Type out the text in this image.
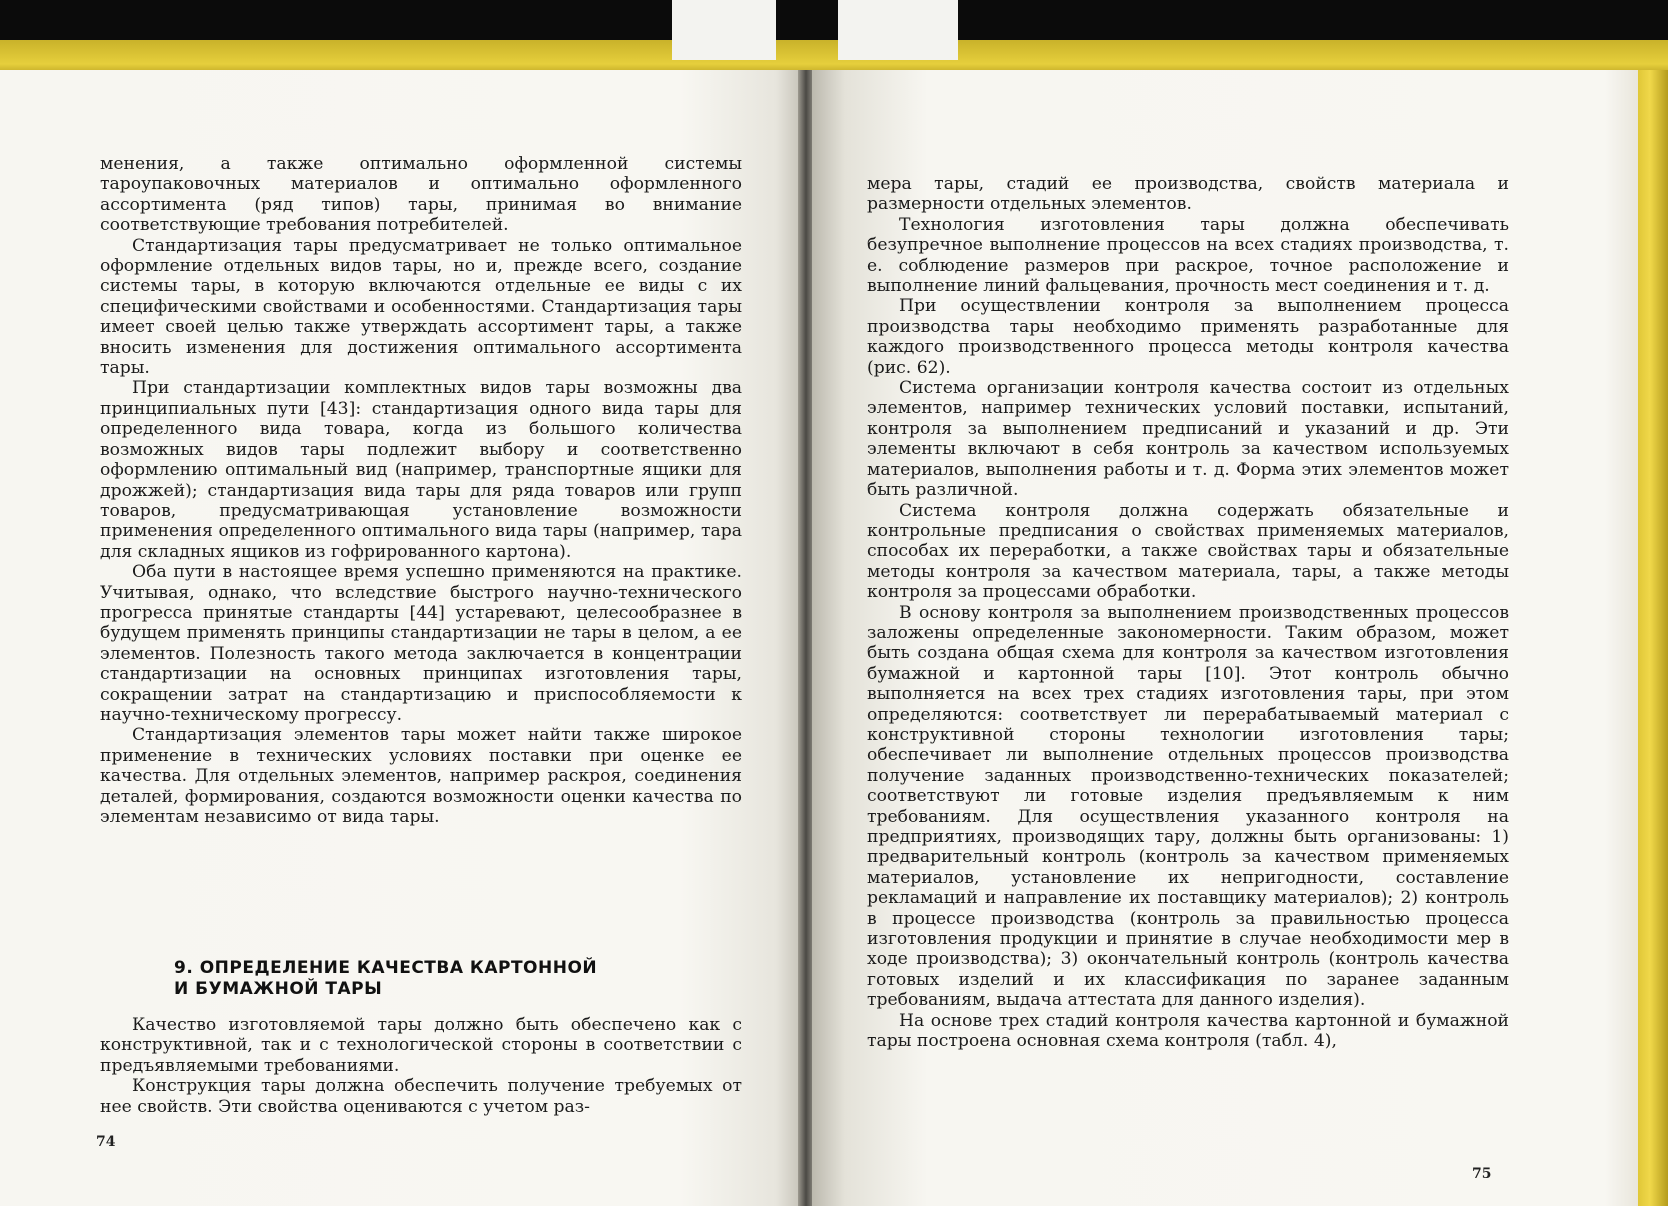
менения, а также оптимально оформленной системы тароупаковочных материалов и оптимально оформленного ассортимента (ряд типов) тары, принимая во внимание соответствующие требования потребителей.

Стандартизация тары предусматривает не только оптимальное оформление отдельных видов тары, но и, прежде всего, создание системы тары, в которую включаются отдельные ее виды с их специфическими свойствами и особенностями. Стандартизация тары имеет своей целью также утверждать ассортимент тары, а также вносить изменения для достижения оптимального ассортимента тары.

При стандартизации комплектных видов тары возможны два принципиальных пути [43]: стандартизация одного вида тары для определенного вида товара, когда из большого количества возможных видов тары подлежит выбору и соответственно оформлению оптимальный вид (например, транспортные ящики для дрожжей); стандартизация вида тары для ряда товаров или групп товаров, предусматривающая установление возможности применения определенного оптимального вида тары (например, тара для складных ящиков из гофрированного картона).

Оба пути в настоящее время успешно применяются на практике. Учитывая, однако, что вследствие быстрого научно-технического прогресса принятые стандарты [44] устаревают, целесообразнее в будущем применять принципы стандартизации не тары в целом, а ее элементов. Полезность такого метода заключается в концентрации стандартизации на основных принципах изготовления тары, сокращении затрат на стандартизацию и приспособляемости к научно-техническому прогрессу.

Стандартизация элементов тары может найти также широкое применение в технических условиях поставки при оценке ее качества. Для отдельных элементов, например раскроя, соединения деталей, формирования, создаются возможности оценки качества по элементам независимо от вида тары.

9. ОПРЕДЕЛЕНИЕ КАЧЕСТВА КАРТОННОЙ
И БУМАЖНОЙ ТАРЫ

Качество изготовляемой тары должно быть обеспечено как с конструктивной, так и с технологической стороны в соответствии с предъявляемыми требованиями.

Конструкция тары должна обеспечить получение требуемых от нее свойств. Эти свойства оцениваются с учетом раз-

74

мера тары, стадий ее производства, свойств материала и размерности отдельных элементов.

Технология изготовления тары должна обеспечивать безупречное выполнение процессов на всех стадиях производства, т. е. соблюдение размеров при раскрое, точное расположение и выполнение линий фальцевания, прочность мест соединения и т. д.

При осуществлении контроля за выполнением процесса производства тары необходимо применять разработанные для каждого производственного процесса методы контроля качества (рис. 62).

Система организации контроля качества состоит из отдельных элементов, например технических условий поставки, испытаний, контроля за выполнением предписаний и указаний и др. Эти элементы включают в себя контроль за качеством используемых материалов, выполнения работы и т. д. Форма этих элементов может быть различной.

Система контроля должна содержать обязательные и контрольные предписания о свойствах применяемых материалов, способах их переработки, а также свойствах тары и обязательные методы контроля за качеством материала, тары, а также методы контроля за процессами обработки.

В основу контроля за выполнением производственных процессов заложены определенные закономерности. Таким образом, может быть создана общая схема для контроля за качеством изготовления бумажной и картонной тары [10]. Этот контроль обычно выполняется на всех трех стадиях изготовления тары, при этом определяются: соответствует ли перерабатываемый материал с конструктивной стороны технологии изготовления тары; обеспечивает ли выполнение отдельных процессов производства получение заданных производственно-технических показателей; соответствуют ли готовые изделия предъявляемым к ним требованиям. Для осуществления указанного контроля на предприятиях, производящих тару, должны быть организованы: 1) предварительный контроль (контроль за качеством применяемых материалов, установление их непригодности, составление рекламаций и направление их поставщику материалов); 2) контроль в процессе производства (контроль за правильностью процесса изготовления продукции и принятие в случае необходимости мер в ходе производства); 3) окончательный контроль (контроль качества готовых изделий и их классификация по заранее заданным требованиям, выдача аттестата для данного изделия).

На основе трех стадий контроля качества картонной и бумажной тары построена основная схема контроля (табл. 4),

75
